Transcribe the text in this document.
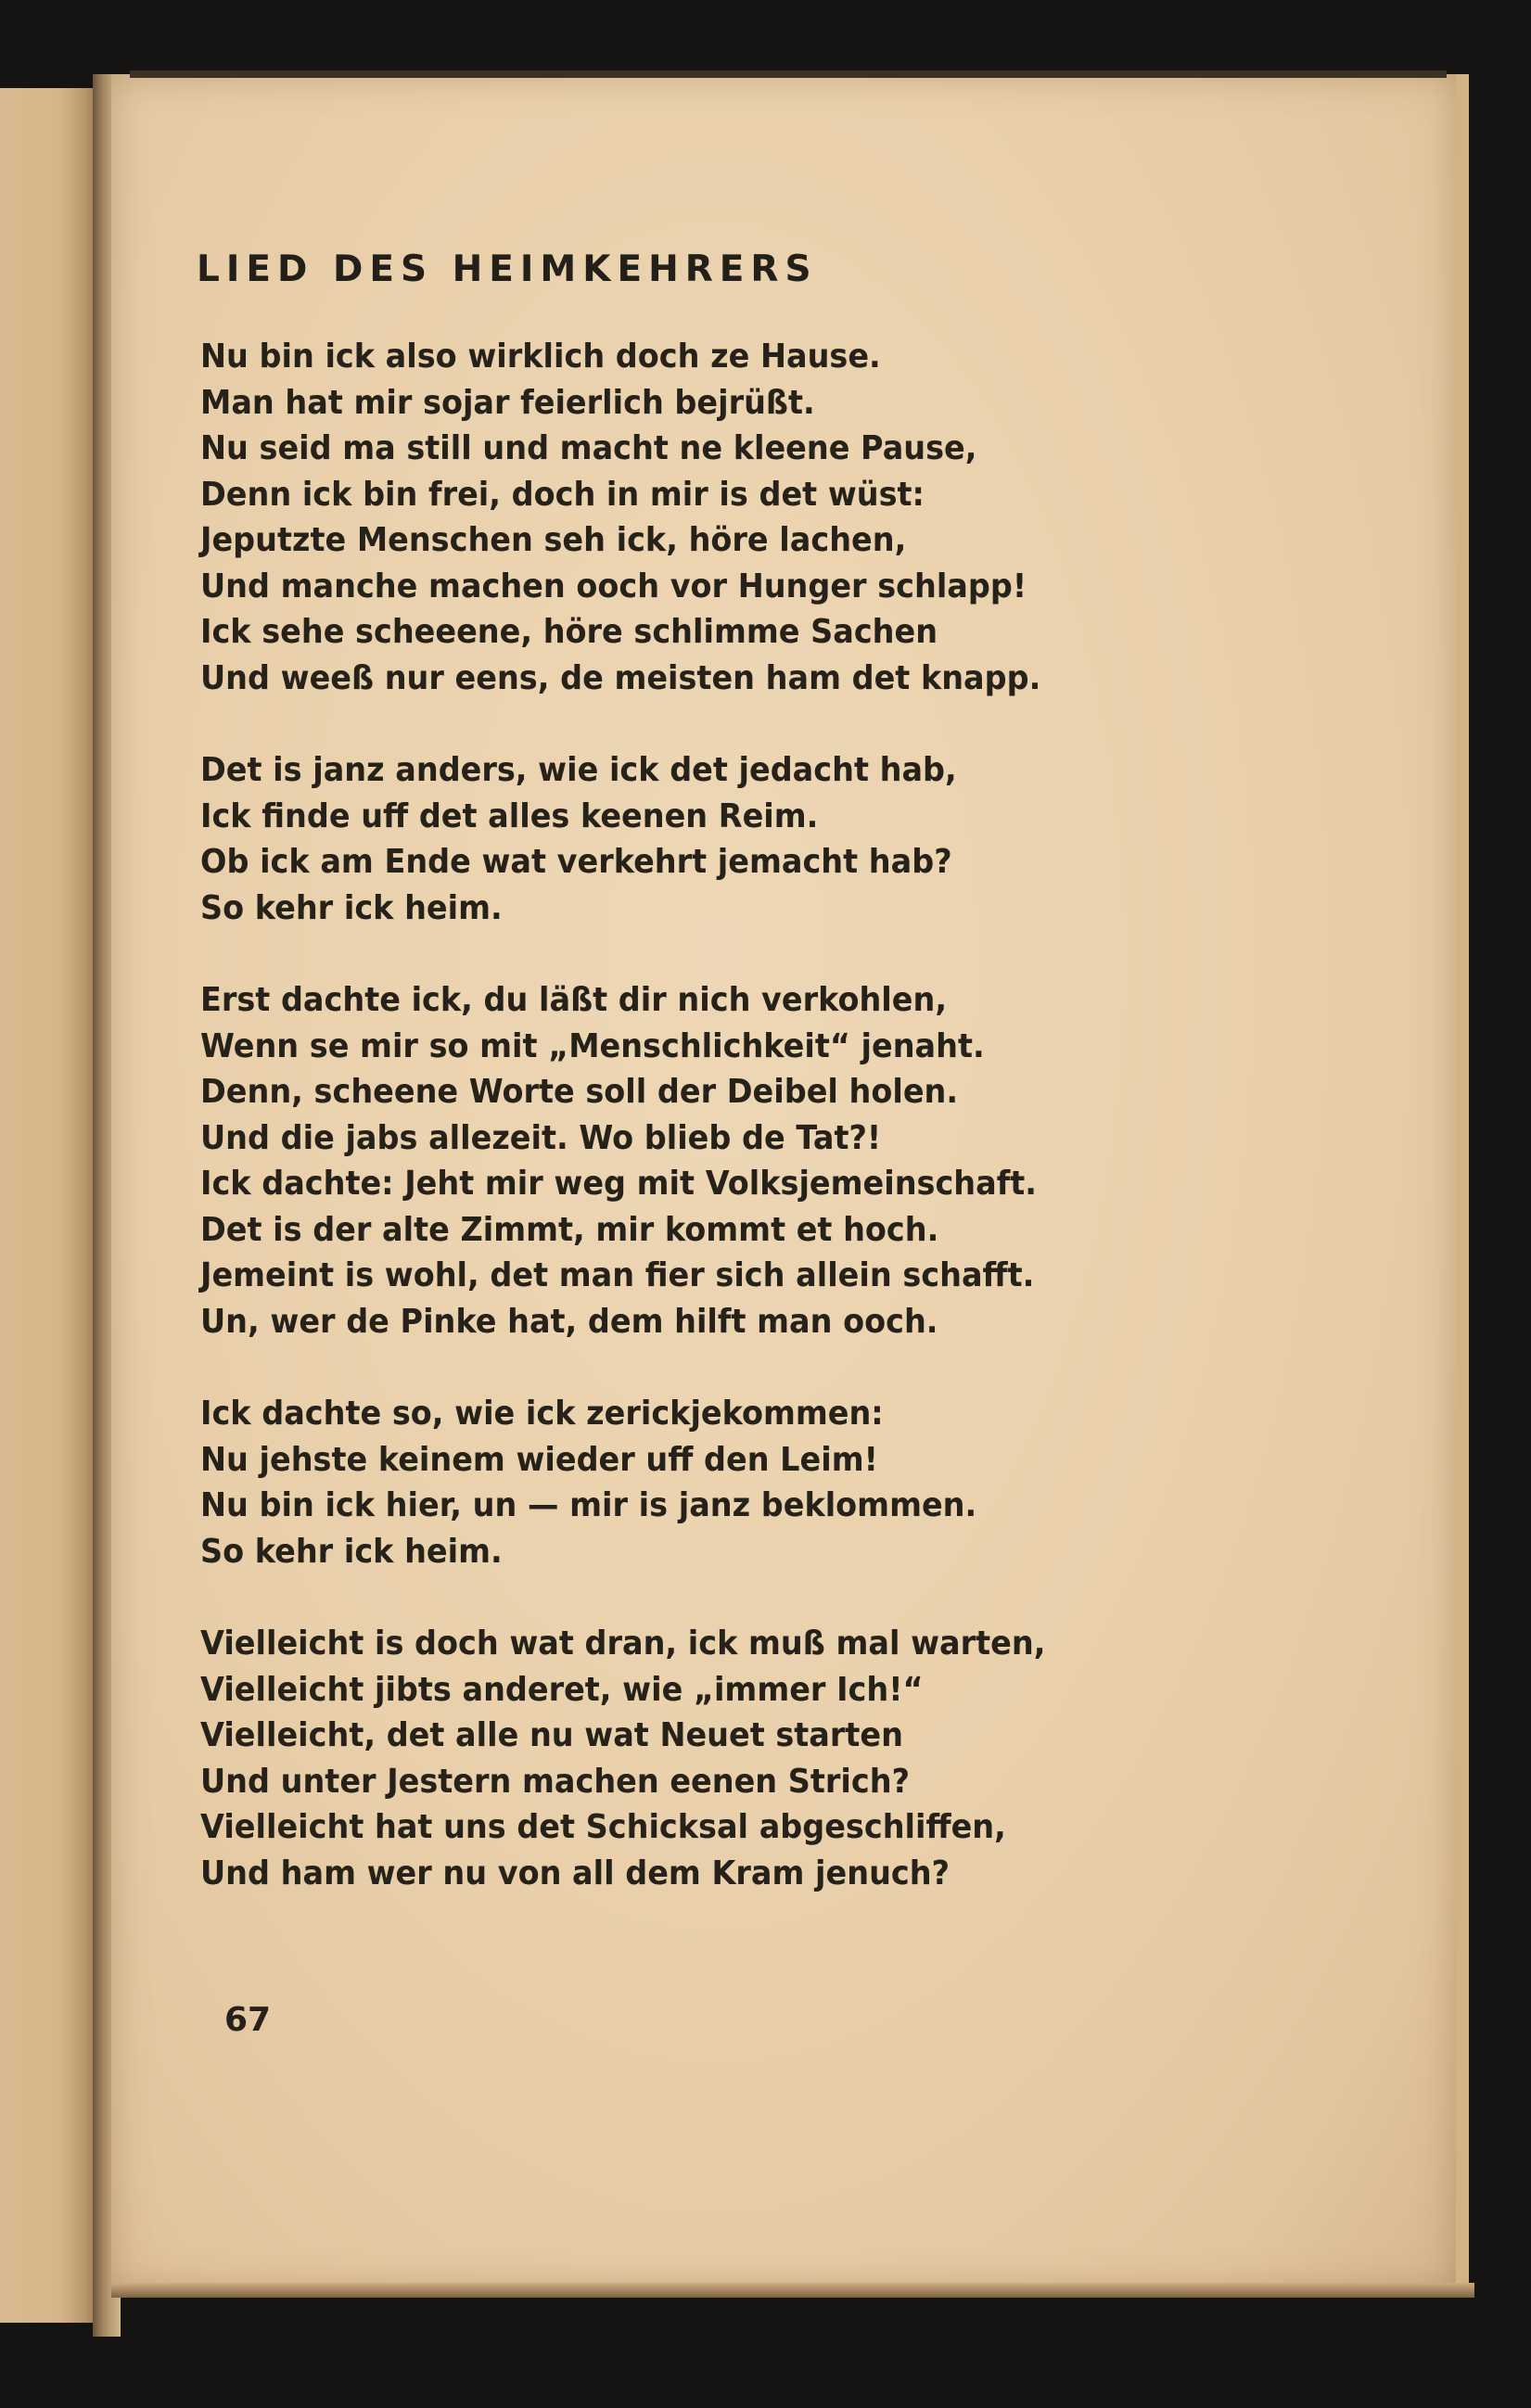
LIED DES HEIMKEHRERS
Nu bin ick also wirklich doch ze Hause.
Man hat mir sojar feierlich bejrüßt.
Nu seid ma still und macht ne kleene Pause,
Denn ick bin frei, doch in mir is det wüst:
Jeputzte Menschen seh ick, höre lachen,
Und manche machen ooch vor Hunger schlapp!
Ick sehe scheeene, höre schlimme Sachen
Und weeß nur eens, de meisten ham det knapp.
Det is janz anders, wie ick det jedacht hab,
Ick finde uff det alles keenen Reim.
Ob ick am Ende wat verkehrt jemacht hab?
So kehr ick heim.
Erst dachte ick, du läßt dir nich verkohlen,
Wenn se mir so mit „Menschlichkeit“ jenaht.
Denn, scheene Worte soll der Deibel holen.
Und die jabs allezeit. Wo blieb de Tat?!
Ick dachte: Jeht mir weg mit Volksjemeinschaft.
Det is der alte Zimmt, mir kommt et hoch.
Jemeint is wohl, det man fier sich allein schafft.
Un, wer de Pinke hat, dem hilft man ooch.
Ick dachte so, wie ick zerickjekommen:
Nu jehste keinem wieder uff den Leim!
Nu bin ick hier, un — mir is janz beklommen.
So kehr ick heim.
Vielleicht is doch wat dran, ick muß mal warten,
Vielleicht jibts anderet, wie „immer Ich!“
Vielleicht, det alle nu wat Neuet starten
Und unter Jestern machen eenen Strich?
Vielleicht hat uns det Schicksal abgeschliffen,
Und ham wer nu von all dem Kram jenuch?
67
